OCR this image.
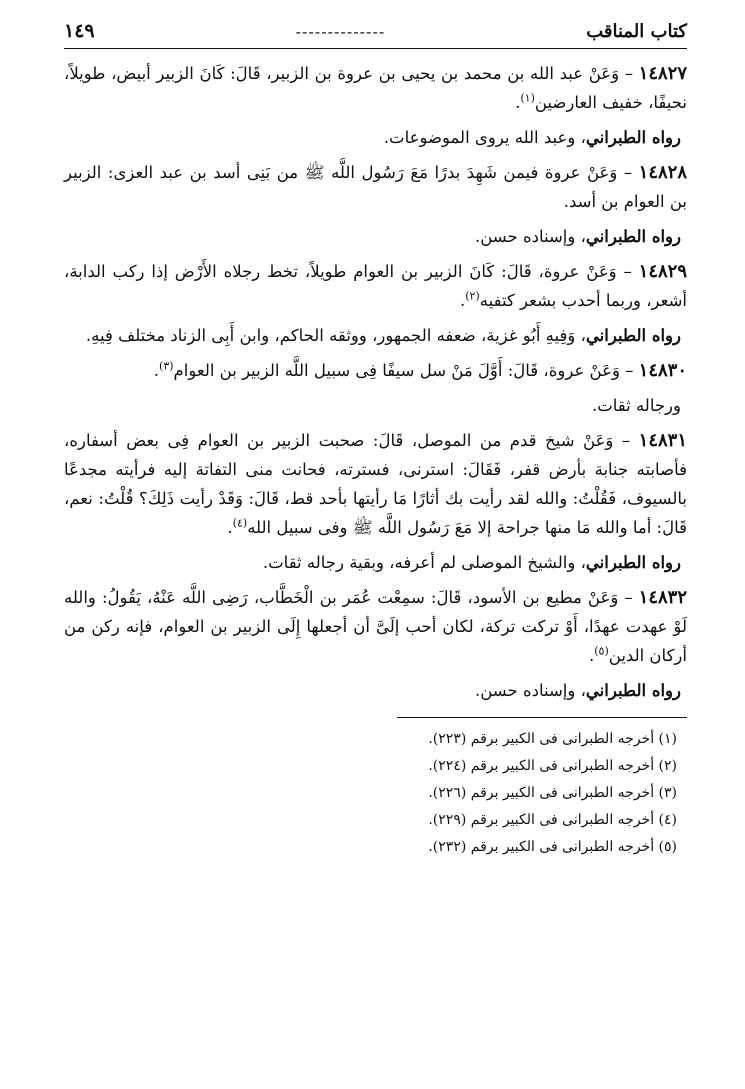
كتاب المناقب
--------------
١٤٩

١٤٨٢٧ – وَعَنْ عبد الله بن محمد بن يحيى بن عروة بن الزبير، قَالَ: كَانَ الزبير أبيض، طويلاً، نحيفًا، خفيف العارضين$^{(١)}$.

رواه الطبراني، وعبد الله يروى الموضوعات.

١٤٨٢٨ – وَعَنْ عروة فيمن شَهِدَ بدرًا مَعَ رَسُول اللَّه ﷺ من بَنِى أسد بن عبد العزى: الزبير بن العوام بن أسد.

رواه الطبراني، وإسناده حسن.

١٤٨٢٩ – وَعَنْ عروة، قَالَ: كَانَ الزبير بن العوام طويلاً، تخط رجلاه الأَرْض إذا ركب الدابة، أشعر، وربما أحدب بشعر كتفيه$^{(٢)}$.

رواه الطبراني، وَفِيهِ أَبُو غزية، ضعفه الجمهور، ووثقه الحاكم، وابن أَبِى الزناد مختلف فِيهِ.

١٤٨٣٠ – وَعَنْ عروة، قَالَ: أَوَّلَ مَنْ سل سيفًا فِى سبيل اللَّه الزبير بن العوام$^{(٣)}$.

ورجاله ثقات.

١٤٨٣١ – وَعَنْ شيخ قدم من الموصل، قَالَ: صحبت الزبير بن العوام فِى بعض أسفاره، فأصابته جنابة بأرض قفر، فَقَالَ: استرنى، فسترته، فحانت منى التفاتة إليه فرأيته مجدعًا بالسيوف، فَقُلْتُ: والله لقد رأيت بك أثارًا مَا رأيتها بأحد قط، قَالَ: وَقَدْ رأيت ذَلِكَ؟ قُلْتُ: نعم، قَالَ: أما والله مَا منها جراحة إلا مَعَ رَسُول اللَّه ﷺ وفى سبيل الله$^{(٤)}$.

رواه الطبراني، والشيخ الموصلى لم أعرفه، وبقية رجاله ثقات.

١٤٨٣٢ – وَعَنْ مطيع بن الأسود، قَالَ: سمِعْت عُمَر بن الْخَطَّاب، رَضِى اللَّه عَنْهُ، يَقُولُ: والله لَوْ عهدت عهدًا، أَوْ تركت تركة، لكان أحب إلَىَّ أن أجعلها إِلَى الزبير بن العوام، فإنه ركن من أركان الدين$^{(٥)}$.

رواه الطبراني، وإسناده حسن.

(١) أخرجه الطبرانى فى الكبير برقم (٢٢٣).
(٢) أخرجه الطبرانى فى الكبير برقم (٢٢٤).
(٣) أخرجه الطبرانى فى الكبير برقم (٢٢٦).
(٤) أخرجه الطبرانى فى الكبير برقم (٢٢٩).
(٥) أخرجه الطبرانى فى الكبير برقم (٢٣٢).
